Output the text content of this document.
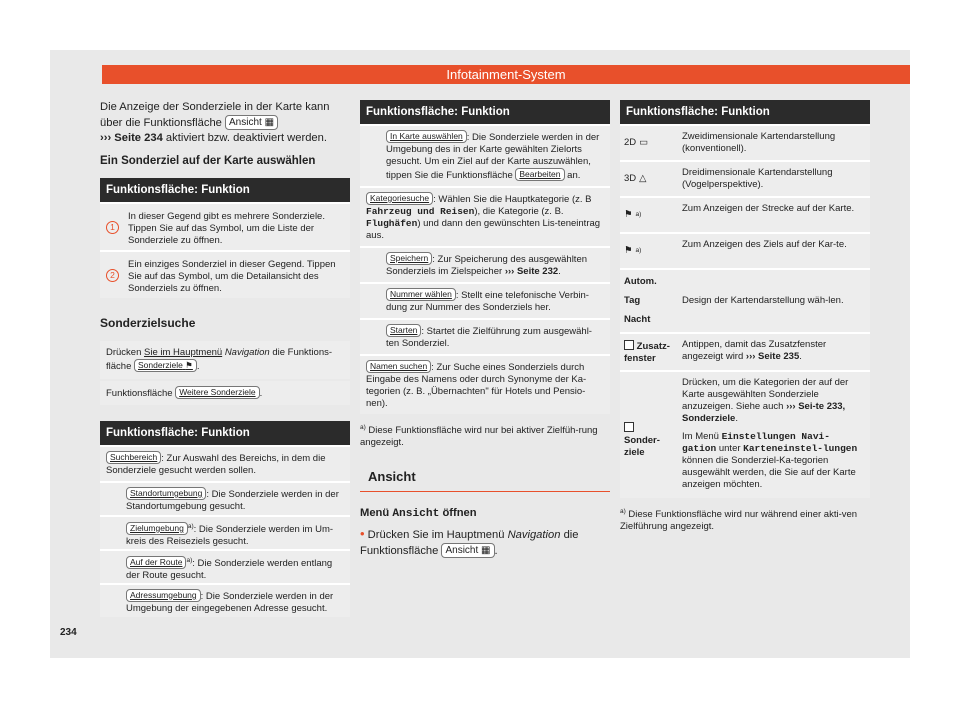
Infotainment-System
Die Anzeige der Sonderziele in der Karte kann über die Funktionsfläche Ansicht ▦
››› Seite 234 aktiviert bzw. deaktiviert werden.
Ein Sonderziel auf der Karte auswählen
Funktionsfläche: Funktion
1
In dieser Gegend gibt es mehrere Sonderziele. Tippen Sie auf das Symbol, um die Liste der Sonderziele zu öffnen.
2
Ein einziges Sonderziel in dieser Gegend. Tippen Sie auf das Symbol, um die Detailansicht des Sonderziels zu öffnen.
Sonderzielsuche
Drücken Sie im Hauptmenü Navigation die Funktions-fläche Sonderziele ⚑ .
Funktionsfläche Weitere Sonderziele .
Funktionsfläche: Funktion
Suchbereich : Zur Auswahl des Bereichs, in dem die Sonderziele gesucht werden sollen.
Standortumgebung : Die Sonderziele werden in der Standortumgebung gesucht.
Zielumgebung $^{a)}$: Die Sonderziele werden im Um-kreis des Reiseziels gesucht.
Auf der Route $^{a)}$: Die Sonderziele werden entlang der Route gesucht.
Adressumgebung : Die Sonderziele werden in der Umgebung der eingegebenen Adresse gesucht.
Funktionsfläche: Funktion
In Karte auswählen : Die Sonderziele werden in der Umgebung des in der Karte gewählten Zielorts gesucht. Um ein Ziel auf der Karte auszuwählen, tippen Sie die Funktionsfläche Bearbeiten an.
Kategoriesuche : Wählen Sie die Hauptkategorie (z. B Fahrzeug und Reisen), die Kategorie (z. B. Flughäfen) und dann den gewünschten Lis-teneintrag aus.
Speichern : Zur Speicherung des ausgewählten Sonderziels im Zielspeicher ››› Seite 232.
Nummer wählen : Stellt eine telefonische Verbin-dung zur Nummer des Sonderziels her.
Starten : Startet die Zielführung zum ausgewähl-ten Sonderziel.
Namen suchen : Zur Suche eines Sonderziels durch Eingabe des Namens oder durch Synonyme der Ka-tegorien (z. B. „Übernachten" für Hotels und Pensio-nen).
$^{a)}$ Diese Funktionsfläche wird nur bei aktiver Zielfüh-rung angezeigt.
Ansicht
Menü Ansicht öffnen
• Drücken Sie im Hauptmenü Navigation die Funktionsfläche Ansicht ▦ .
Funktionsfläche: Funktion
2D ▭
Zweidimensionale Kartendarstellung (konventionell).
3D △
Dreidimensionale Kartendarstellung (Vogelperspektive).
⚑ a)
Zum Anzeigen der Strecke auf der Karte.
⚑ a)
Zum Anzeigen des Ziels auf der Kar-te.
Autom.
Tag
Nacht
Design der Kartendarstellung wäh-len.
Zusatz-fenster
Antippen, damit das Zusatzfenster angezeigt wird ››› Seite 235.
Sonder-ziele
Drücken, um die Kategorien der auf der Karte ausgewählten Sonderziele anzuzeigen. Siehe auch ››› Sei-te 233, Sonderziele.
Im Menü Einstellungen Navi-gation unter Karteneinstel-lungen können die Sonderziel-Ka-tegorien ausgewählt werden, die Sie auf der Karte anzeigen möchten.
$^{a)}$ Diese Funktionsfläche wird nur während einer akti-ven Zielführung angezeigt.
234
